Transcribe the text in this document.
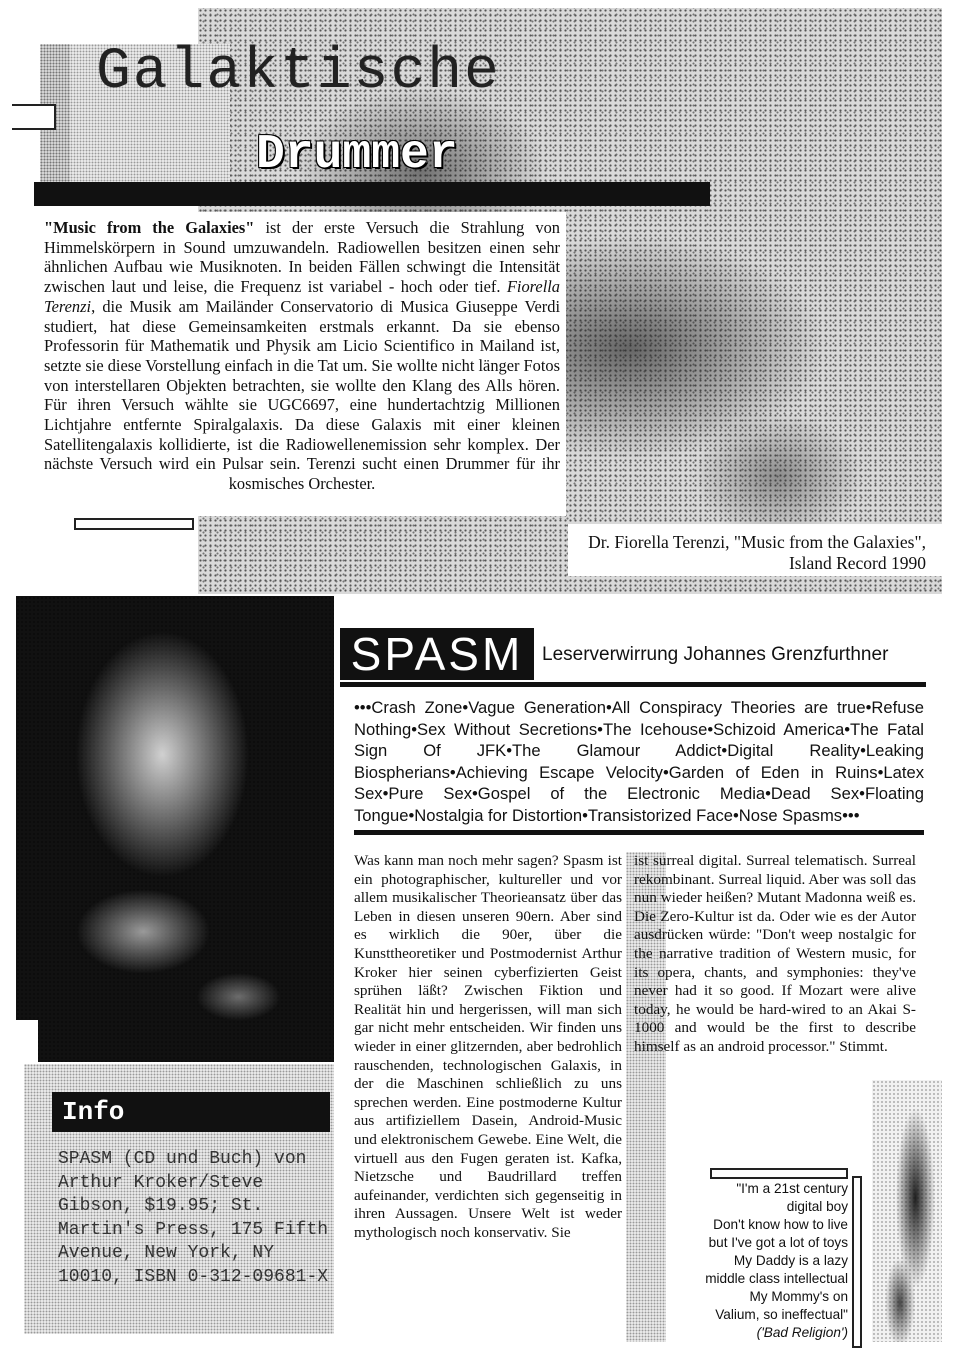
Galaktische
Drummer
"Music from the Galaxies" ist der erste Versuch die Strahlung von Himmelskörpern in Sound umzuwandeln. Radiowellen besitzen einen sehr ähnlichen Aufbau wie Musiknoten. In beiden Fällen schwingt die Intensität zwischen laut und leise, die Frequenz ist variabel - hoch oder tief. Fiorella Terenzi, die Musik am Mailänder Conservatorio di Musica Giuseppe Verdi studiert, hat diese Gemeinsamkeiten erstmals erkannt. Da sie ebenso Professorin für Mathematik und Physik am Licio Scientifico in Mailand ist, setzte sie diese Vorstellung einfach in die Tat um. Sie wollte nicht länger Fotos von interstellaren Objekten betrachten, sie wollte den Klang des Alls hören. Für ihren Versuch wählte sie UGC6697, eine hundertachtzig Millionen Lichtjahre entfernte Spiralgalaxis. Da diese Galaxis mit einer kleinen Satellitengalaxis kollidierte, ist die Radiowellenemission sehr komplex. Der nächste Versuch wird ein Pulsar sein. Terenzi sucht einen Drummer für ihr kosmisches Orchester.
Dr. Fiorella Terenzi, "Music from the Galaxies", Island Record 1990
SPASM Leserverwirrung Johannes Grenzfurthner
•••Crash Zone•Vague Generation•All Conspiracy Theories are true•Refuse Nothing•Sex Without Secretions•The Icehouse•Schizoid America•The Fatal Sign Of JFK•The Glamour Addict•Digital Reality•Leaking Biospherians•Achieving Escape Velocity•Garden of Eden in Ruins•Latex Sex•Pure Sex•Gospel of the Electronic Media•Dead Sex•Floating Tongue•Nostalgia for Distortion•Transistorized Face•Nose Spasms•••
Info
SPASM (CD und Buch) von Arthur Kroker/Steve Gibson, $19.95; St. Martin's Press, 175 Fifth Avenue, New York, NY 10010, ISBN 0-312-09681-X
Was kann man noch mehr sagen? Spasm ist ein photographischer, kultureller und vor allem musikalischer Theorieansatz über das Leben in diesen unseren 90ern. Aber sind es wirklich die 90er, über die Kunsttheoretiker und Postmodernist Arthur Kroker hier seinen cyberfizierten Geist sprühen läßt? Zwischen Fiktion und Realität hin und hergerissen, will man sich gar nicht mehr entscheiden. Wir finden uns wieder in einer glitzernden, aber bedrohlich rauschenden, technologischen Galaxis, in der die Maschinen schließlich zu uns sprechen werden. Eine postmoderne Kultur aus artifiziellem Dasein, Android-Music und elektronischem Gewebe. Eine Welt, die virtuell aus den Fugen geraten ist. Kafka, Nietzsche und Baudrillard treffen aufeinander, verdichten sich gegenseitig in ihren Aussagen. Unsere Welt ist weder mythologisch noch konservativ. Sie
ist surreal digital. Surreal telematisch. Surreal rekombinant. Surreal liquid. Aber was soll das nun wieder heißen? Mutant Madonna weiß es. Die Zero-Kultur ist da. Oder wie es der Autor ausdrücken würde: "Don't weep nostalgic for the narrative tradition of Western music, for its opera, chants, and symphonies: they've never had it so good. If Mozart were alive today, he would be hard-wired to an Akai S-1000 and would be the first to describe himself as an android processor." Stimmt.
"I'm a 21st century
digital boy
Don't know how to live
but I've got a lot of toys
My Daddy is a lazy
middle class intellectual
My Mommy's on
Valium, so ineffectual"
('Bad Religion')
